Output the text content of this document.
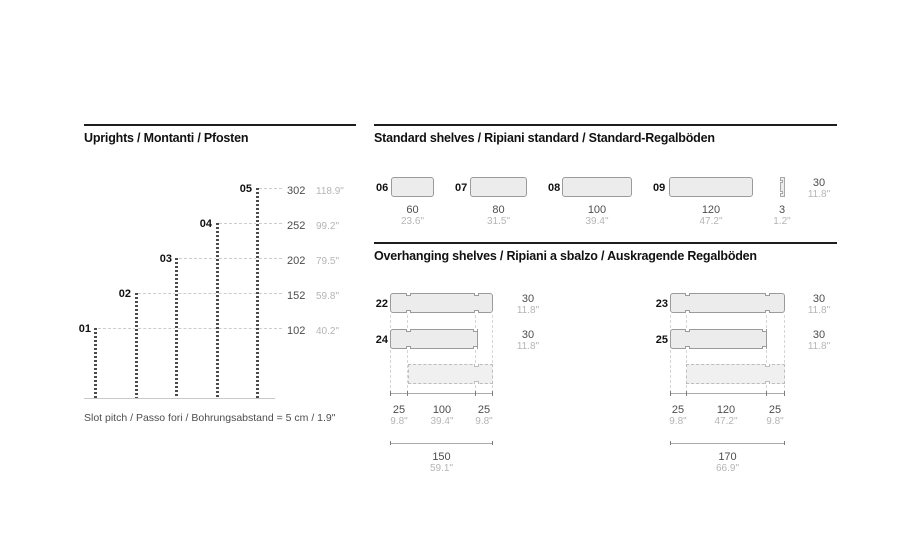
Uprights / Montanti / Pfosten
01
02
03
04
05	302 118.9"
252 99.2"
202 79.5"
152 59.8"
102 40.2"
Slot pitch / Passo fori / Bohrungsabstand = 5 cm / 1.9"
Standard shelves / Ripiani standard / Standard-Regalböden
06
60
23.6"
07
80
31.5"
08
100
39.4"
09
120
47.2"
3
1.2"
30
11.8"
Overhanging shelves / Ripiani a sbalzo / Auskragende Regalböden
22	30
11.8"
24	30
11.8"
25
9.8"
100
39.4"
25
9.8"
150
59.1"
23	30
11.8"
25	30
11.8"
25
9.8"
120
47.2"
25
9.8"
170
66.9"
